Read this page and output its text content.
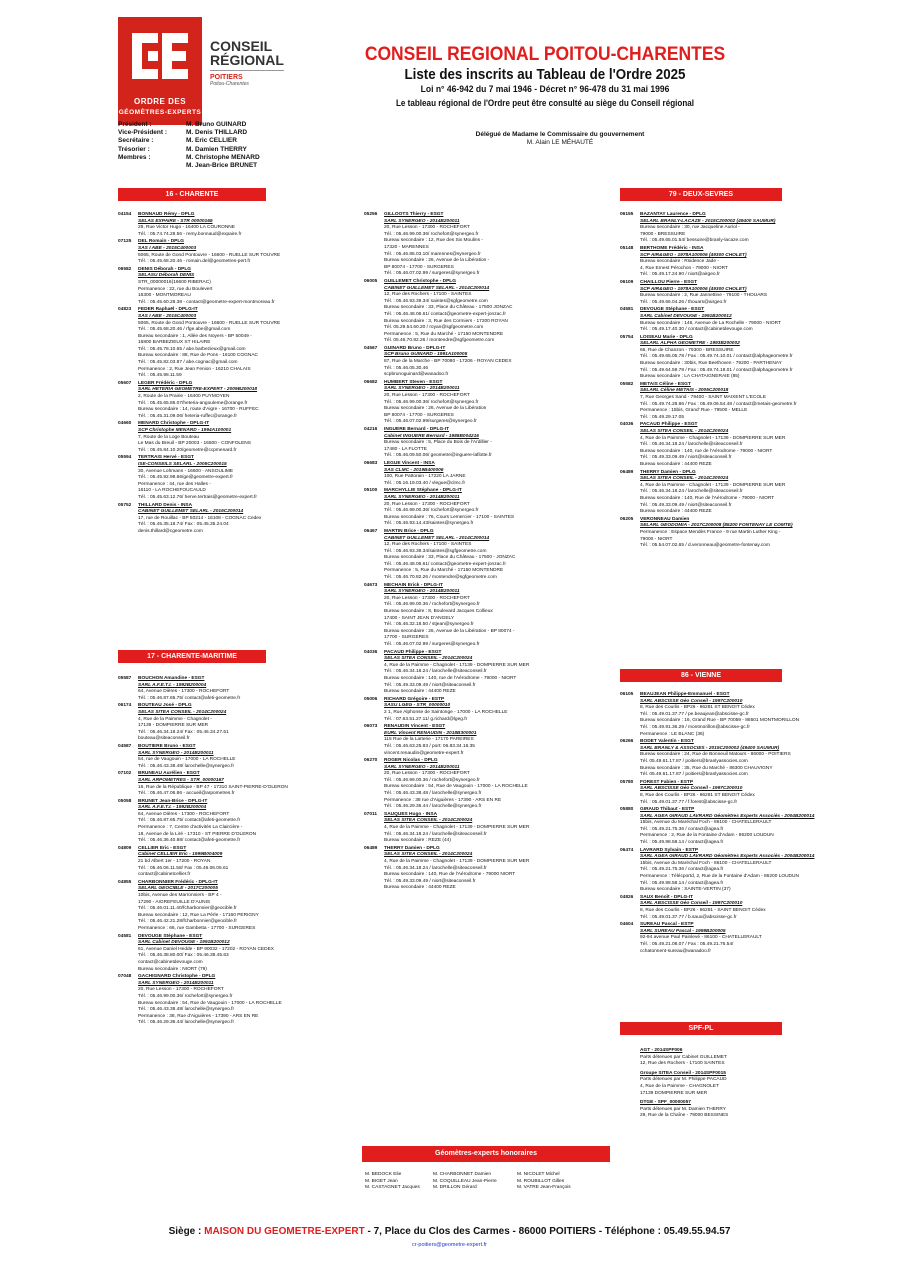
ORDRE DES
GÉOMÈTRES-EXPERTS
CONSEIL
RÉGIONAL
POITIERS
Poitou-Charentes
CONSEIL REGIONAL POITOU-CHARENTES
Liste des inscrits au Tableau de l'Ordre 2025
Loi n° 46-942 du 7 mai 1946 - Décret n° 96-478 du 31 mai 1996
Le tableau régional de l'Ordre peut être consulté au siège du Conseil régional
Président :	M. Bruno GUINARD
Vice-Président :	M. Denis THILLARD
Secrétaire :	M. Eric CELLIER
Trésorier :	M. Damien THERRY
Membres :	M. Christophe MENARD
M. Jean-Brice BRUNET
Délégué de Madame le Commissaire du gouvernement
M. Alain LE MÉHAUTÉ
16 - CHARENTE
04154 BONNAUD Rémy - DPLG
SELAS EXPAIRE - STR 00000165
29, Rue Victor Hugo - 16400 LA COURONNE
Tél. : 05.74.74.28.56 - remy.bonnaud@expaire.fr
07125 DEL Romain - DPLG
SAS I ABE - 2015C400003
5065, Route de Gond Pontouvre - 16600 - RUELLE SUR TOUVRE
Tél. : 05.45.68.20.46 - romain.del@geometres-pert.fr
06582 DENIS Déborah - DPLG
SELASU Déborah DENIS
STR_00000016(16600 RIBERAC)
Permanence : 22, rue du Boulevert
16300 - MONTMOREAU
Tél. : 05.45.60.28.38 - contact@geometre-expert-montmoreau.fr
04823 FEDER Raphaël - DPLG-IT
SAS I ABE - 2015C400003
5065, Route de Gond Pontouvre - 16600 - RUELLE SUR TOUVRE
Tél. : 05.45.68.20.46 / rfge.abe@gmail.com
Bureau secondaire : 1, Allée des Noyers - BP 50049 -
16800 BARBEZIEUX ST HILAIRE
Tél. : 05.45.78.10.65 / abe.barbezieux@gmail.com
Bureau secondaire : 88, Rue de Pons - 16100 COGNAC
Tél. : 05.45.82.03.87 / abe.cognac@gmail.com
Permanence : 2, Rue Jean Fenion - 16210 CHALAIS
Tél. : 05.45.98.11.59
05607 LEGER Frédéric - DPLG
SARL HETERIA GEOMETRE-EXPERT - 2009B200018
2, Route de la Prairie - 16400 PUYMOYEN
Tél. : 05.45.65.85.07/heteria-angouleme@orange.fr
Bureau secondaire : 14, route d'Aigre - 16700 - RUFFEC
Tél. : 05.45.31.09.06/ heteria-ruffec@orange.fr
04660 MENARD Christophe - DPLG-IT
SCP Christophe MENARD - 1994A100001
7, Route de la Loge Bouteau
Le Mas du Breuil - BP 20003 - 16500 - CONFOLENS
Tél. : 05.45.84.10.20/geometre@ccpmenard.fr
05594 TERTRAIS Hervé - ESGT
ISE-CONSEILS SELARL - 2005C200015
30, Avenue Lohmann - 16600 - ANSOULIME
Tél. : 05.45.92.98.66/ge@geometre-expert.fr
Permanence : 44, rue des Halles -
16110 - LA ROCHEFOUCAULD
Tél. : 05.45.63.12.76/ herve.tertrais@geometre-expert.fr
05752 THILLARD Denis - INSA
CABINET GUILLEMET SELARL - 2016C200014
17, rue de Rouillac - BP 50214 - 16108 - COGNAC Cedex
Tél. : 05.45.35.18.74/ Fax : 05.45.35.24.04
denis.thillard@cgeometre.com
17 - CHARENTE-MARITIME
05587 BOUCHON Amandine - ESGT
SARL A.F.E.T.I. - 1992B200004
64, Avenue Dières - 17300 - ROCHEFORT
Tél. : 05.46.87.65.75/ contact@afeti-geometre.fr
06174 BOUTEAU José - DPLG
SELAS SITEA CONSEIL - 2014C200024
4, Rue de la Paimme - Chagnolet -
17139 - DOMPIERRE SUR MER
Tél. : 05.46.34.18.24/ Fax : 05.46.34.27.61
bouteau@siteaconseil.fr
04587 BOUTIERE Bruno - ESGT
SARL SYNERGEO - 2014B200011
54, rue de Vaugouin - 17000 - LA ROCHELLE
Tél. : 05.46.43.38.48/ larochelle@synergeo.fr
07102 BRUNEAU Aurélien - ESGT
SARL ARPOMETRES - STR_00000167
16, Rue de la République - BP 47 - 17310 SAINT-PIERRE-D'OLERON
Tél. : 05.46.47.06.86 - accueil@arpometres.fr
05058 BRUNET Jean-Brice - DPLG-IT
SARL A.F.E.T.I. - 1992B200004
64, Avenue Dières - 17300 - ROCHEFORT
Tél. : 05.46.87.65.75/ contact@afeti-geometre.fr
Permanence : 7, Centre d'activités La Claircière -
18, Avenue de la Liré - 17310 - ST PIERRE D'OLERON
Tél. : 05.46.36.40.88/ contact@afeti-geometre.fr
04809 CELLIER Eric - ESGT
Cabinet CELLIER Eric - 1999B004009
21 bd Albert 1er - 17200 - ROYAN
Tél. : 05.46.06.11.58/ Fax : 05.46.06.05.61
contact@cabinetcellier.fr
04855 CHARBONNIER Frédéric - DPLG-IT
SELARL GEOCIBLE - 2017C200005
10bis, Avenue des Marronniers - BP 4 -
17290 - AIGREFEUILLE D'AUNIS
Tél. : 05.46.01.11.40/fcharbonnier@geocible.fr
Bureau secondaire : 12, Rue La Pérle - 17160 PERIGNY
Tél. : 05.46.42.21.28/fcharbonnier@geocible.fr
Permanence : 66, rue Gambetta - 17700 - SURGERES
04581 DEVOUGE Stéphane - ESGT
SARL Cabinet DEVOUGE - 1991B200012
61, Avenue Daniel Hedde - BP 90032 - 17202 - ROYAN CEDEX
Tél. : 05.46.38.80.00/ Fax : 05.46.38.45.63
contact@cabinetdevouge.com
Bureau secondaire : NIORT (79)
07048 GACHIGNARD Christophe - DPLG
SARL SYNERGEO - 2014B200011
20, Rue Lesson - 17300 - ROCHEFORT
Tél. : 05.46.99.00.36/ rochefort@synergeo.fr
Bureau secondaire : 54, Rue de Vaugouin - 17000 - LA ROCHELLE
Tél. : 05.46.43.38.48/ larochelle@synergeo.fr
Permanence : 38, Rue d'Aiguières - 17390 - ARS EN RE
Tél. : 05.46.29.36.44/ larochelle@synergeo.fr
05256 GILLOOTS Thierry - ESGT
SARL SYNERGEO - 2014B200011
20, Rue Lesson - 17300 - ROCHEFORT
Tél. : 05.46.99.00.36/ rochefort@synergeo.fr
Bureau secondaire : 12, Rue des Six Moulins -
17320 - MARENNES
Tél. : 05.46.85.03.10/ marennes@synergeo.fr
Bureau secondaire : 26, Avenue de la Libération -
BP 80074 - 17700 - SURGERES
Tél. : 05.46.07.02.99 / surgeres@synergeo.fr
06005 GUILLEMET Christophe - DPLG
CABINET GUILLEMET SELARL - 2014C200014
12, Rue des Rochers - 17100 - SAINTES
Tél. : 05.46.93.39.34/ saintes@sgfgeometre.com
Bureau secondaire : 33, Place du Château - 17500 JONZAC
Tél. : 05.46.48.06.61/ contact@geometre-expert-jonzac.fr
Bureau secondaire : 3, Rue des Cormiers - 17200 ROYAN
Tél. 05.29.54.60.20 / royan@sgfgeometre.com
Permanence : 5, Rue du Marché - 17150 MONTENDRE
Tél. 05.46.70.82.26 / montendre@sgfgeometre.com
04567 GUINARD Bruno - DPLG-IT
SCP Bruno GUINARD - 1991A100005
87, Rue de la Marche - BP 70080 - 17206 - ROYAN CEDEX
Tél. : 05.46.05.30.46
scpbrunoguinard@wanadoo.fr
06682 HUMBERT Steven - ESGT
SARL SYNERGEO - 2014B200011
20, Rue Lesson - 17300 - ROCHEFORT
Tél. : 05.46.99.00.36/ rochefort@synergeo.fr
Bureau secondaire : 26, Avenue de la Libération
BP 80074 - 17700 - SURGERES
Tél. : 05.46.07.02.99/surgeres@synergeo.fr
04216 INGUERE Bernard - DPLG-IT
Cabinet INGUERE Bernard - 1988B004216
Bureau secondaire : 5, Place du Bois de l'Ardillier -
17480 - LA FLOTTE
Tél. : 05.46.09.50.06/ geometre@inguere-laflotte.fr
06683 LEGUE Vincent - INSA
SAS CLMC - 2019B400006
100, Rue Pattorain - 17220 LA JARNE
Tél. : 05.16.19.03.40 / vlegue@clmc.fr
05100 MARCHYLLIE Stéphane - DPLG-IT
SARL SYNERGEO - 2014B200011
20, Rue Lesson - 17300 - ROCHEFORT
Tél. : 05.46.99.00.36/ rochefort@synergeo.fr
Bureau secondaire : 76, Cours Lemercier - 17100 - SAINTES
Tél. : 05.46.93.14.43/saintes@synergeo.fr
06467 MARTIN Brice - DPLG
CABINET GUILLEMET SELARL - 2014C200014
12, Rue des Rochers - 17100 - SAINTES
Tél. : 05.46.93.39.34/saintes@sgfgeometre.com
Bureau secondaire : 33, Place du Château - 17500 - JONZAC
Tél. : 05.46.48.06.61/ contact@geometre-expert-jonzac.fr
Permanence : 5, Rue du Marché - 17150 MONTENDRE
Tél. : 05.46.70.82.26 / montendre@sgfgeometre.com
04673 MECHAIN Erick - DPLG-IT
SARL SYNERGEO - 2014B200011
20, Rue Lesson - 17300 - ROCHEFORT
Tél. : 05.46.99.00.36 / rochefort@synergeo.fr
Bureau secondaire : 8, Boulevard Jacques Collieux
17400 - SAINT JEAN D'ANGELY
Tél. : 05.46.32.18.50 / stjean@synergeo.fr
Bureau secondaire : 26, Avenue de la Libération - BP 80074 -
17700 - SURGERES
Tél. : 05.46.07.02.99 / surgeres@synergeo.fr
04036 PACAUD Philippe - ESGT
SELAS SITEA CONSEIL - 2014C200024
4, Rue de la Paimme - Chagnolet - 17139 - DOMPIERRE SUR MER
Tél. : 05.46.34.18.24 / larochelle@siteaconseil.fr
Bureau secondaire : 140, rue de l'Aérodrome - 79000 - NIORT
Tél. : 05.49.33.09.49 / niort@siteaconseil.fr
Bureau secondaire : 44400 REZE
05006 RICHARD Grégoire - ESTP
SASU LGEG - STR_00000010
2 1, Rue Alphonse de Saintonge - 17000 - LA ROCHELLE
Tél. : 07.63.51.27.11/ g.richard@lgeg.fr
06073 RENAUDIN Vincent - ESGT
EURL Vincent RENAUDIN - 2018B300001
115 Rue de la Laïterie - 17170 PAREIRES
Tél. : 05.46.63.25.83 / port: 06.83.34.16.35
vincent.renaudin@geometre-expert.fr
06270 ROGER Nicolas - DPLG
SARL SYNERGEO - 2014B200011
20, Rue Lesson - 17300 - ROCHEFORT
Tél. : 05.46.99.00.36 / rochefort@synergeo.fr
Bureau secondaire : 54, Rue de Vaugouin - 17000 - LA ROCHELLE
Tél. : 05.46.43.38.48 / larochelle@synergeo.fr
Permanence : 38 rue d'Aiguières - 17390 - ARS EN RE
Tél. : 05.46.29.36.44 / larochelle@synergeo.fr
07011 SAUQUES Hugo - INSA
SELAS SITEA CONSEIL - 2014C200024
4, Rue de la Paimme - Chagnolet - 17139 - DOMPIERRE SUR MER
Tél. : 05.46.34.18.24 / larochelle@siteaconseil.fr
Bureau secondaire : REZE (44)
06489 THERRY Damien - DPLG
SELAS SITEA CONSEIL - 2014C200024
4, Rue de la Paimme - Chagnolet - 17139 - DOMPIERRE SUR MER
Tél. : 05.46.34.18.24 / larochelle@siteaconseil.fr
Bureau secondaire : 140, Rue de l'Aérodrome - 79000 NIORT
Tél. : 05.49.33.09.49 / niort@siteaconseil.fr
Bureau secondaire : 44400 REZE
79 - DEUX-SEVRES
06155 BAZANTAY Laurence - DPLG
SELARL BRANLY-LACAZE - 2015C200002 (49400 SAUMUR)
Bureau secondaire : 30, rue Jacqueline Auriol -
79000 - BRESSUIRE
Tél. : 05.49.65.01.54/ bessuire@branly-lacaze.com
05148 BERTHOME Frédéric - INSA
SCP AIR&GEO - 1978A100006 (49300 CHOLET)
Bureau secondaire : Rsidence Jade -
4, Rue Ernest Pérochon - 79000 - NIORT
Tél. : 05.49.17.24.90 / niort@airgeo.fr
06109 CHAILLOU Pierre - ESGT
SCP AIR&GEO - 1978A100006 (49300 CHOLET)
Bureau secondaire : 2, Rue Jannettine - 79100 - THOUARS
Tél. : 05.49.66.04.26 / thouars@airgeo.fr
04581 DEVOUGE Stéphane - ESGT
SARL Cabinet DEVOUGE - 1991B200012
Bureau secondaire : 146, Avenue de La Rochelle - 79000 - NIORT
Tél. : 05.49.17.40.30 / contact@cabinetdevouge.com
05754 LOISEAU Marie - DPLG
SELARL ALPHA GEOMETRE - 1993B200002
66, Rue de Chanzon - 79300 - BRESSUIRE
Tél. : 05.49.65.05.78 / Fax : 05.49.74.10.01 / contact@alphageometre.fr
Bureau secondaire : 30bis, Rue Beethoven - 79200 - PARTHENAY
Tél. : 05.49.64.59.78 / Fax : 05.49.74.18.01 / contact@alphageometre.fr
Bureau secondaire : LA CHATAIGNERAIE (85)
05582 METAIS Céline - ESGT
SELARL Céline METAIS - 2005C200018
7, Rue Georges Sand - 79400 - SAINT MAIXENT L'ECOLE
Tél. : 05.49.74.28.86 / Fax : 05.49.06.54.48 / contact@metais-geometre.fr
Permanence : 15bis, Grand' Rue - 79500 - MELLE
Tél. : 05.49.29.17.05
04036 PACAUD Philippe - ESGT
SELAS SITEA CONSEIL - 2014C200024
4, Rue de la Paimme - Chagnolet - 17139 - DOMPIERRE SUR MER
Tél. : 05.46.34.18.24 / larochelle@siteaconseil.fr
Bureau secondaire : 140, rue de l'Aérodrome - 79000 - NIORT
Tél. : 05.49.33.09.49 / niort@siteaconseil.fr
Bureau secondaire : 44400 REZE
06489 THERRY Damien - DPLG
SELAS SITEA CONSEIL - 2014C200024
4, Rue de la Paimme - Chagnolet - 17139 - DOMPIERRE SUR MER
Tél. : 05.46.34.18.24 / larochelle@siteaconseil.fr
Bureau secondaire : 140, Rue de l'Aérodrome - 79000 - NIORT
Tél. : 05.49.33.09.49 / niort@siteaconseil.fr
Bureau secondaire : 44400 REZE
06205 VERONNEAU Damien
SELARL GEODOMIA - 2017C200008 (85200 FONTENAY LE COMTE)
Permanence : Espace Mendès France - 9 rue Martin Luther King -
79000 - NIORT
Tél. : 05.54.07.02.65 / d.veronneau@geometre-fontenay.com
86 - VIENNE
06105 BEAUJEAN Philippe-Emmanuel - ESGT
SARL ABSCISSE Géo Conseil - 1997C200010
8, Rue des Courlis - BP26 - 86281 ST BENOIT Cédex
Tél. : 05.49.01.37.77 / pe.beaujean@abscisse-gc.fr
Bureau secondaire : 16, Grand Rue - BP 70059 - 86501 MONTMORILLON
Tél. : 05.49.91.36.29 / montmorillon@abscisse-gc.fr
Permanence : LE BLANC (36)
06266 BODET Valentin - ESGT
SARL BRANLY & ASSOCIES - 2015C200002 (49400 SAUMUR)
Bureau secondaire : 24, Rue de Bonneuil Matours - 86000 - POITIERS
Tél. 05.49.61.17.87 / poitiers@branlyassocies.com
Bureau secondaire : 35, Rue du Marché - 86300 CHAUVIGNY
Tél. 05.49.61.17.87 / poitiers@branlyassocies.com
05780 FOREST Fabien - ESTP
SARL ABSCISSE Géo Conseil - 1997C200010
8, Rue des Courlis - BP26 - 86281 ST BENOIT Cédex
Tél. : 05.49.01.37.77 / f.forest@abscisse-gc.fr
05880 GIRAUD Thibaut - ESTP
SARL AGEA GIRAUD LAVRARD Géomètres Experts Associés - 2004B200014
15bis, Avenue du Maréchal Foch - 86100 - CHATELLERAULT
Tél. : 05.49.21.75.36 / contact@agea.fr
Permanence : 2, Rue de la Fontaine d'Adam - 86200 LOUDUN
Tél. : 05.49.98.58.14 / contact@agea.fr
06474 LAVRARD Sylvain - ESTP
SARL AGEA GIRAUD LAVRARD Géomètres Experts Associés - 2004B200014
15bis, Avenue du Maréchal Foch - 86100 - CHATELLERAULT
Tél. : 05.49.21.75.36 / contact@agea.fr
Permanence : Télécportd, 2, Rue de la Fontaine d'Adam - 86200 LOUDUN
Tél. : 05.49.98.58.14 / contact@agea.fr
Bureau secondaire : SAINTE-VERTIN (37)
04826 SAUX Benoît - DPLG-IT
SARL ABSCISSE Géo Conseil - 1997C200010
8, Rue des Courlis - BP26 - 86281 - SAINT BENOIT Cédex
Tél. : 05.49.01.37.77 / b.saux@abscisse-gc.fr
04604 SUREAU Pascal - ESTP
SARL SUREAU Pascal - 1999B200005
92-94 avenue Paul Painlevé - 86100 - CHATELLERAULT
Tél. : 05.49.21.08.07 / Fax : 05.49.21.76.54/
cchatonnent-sureau@wanadoo.fr
SPF-PL
AGT - 2014SPF006
Parts détenues par Cabinet GUILLEMET
12, Rue des Rochers - 17100 SAINTES
Groupe SITEA Conseil - 2014SPF0015
Parts détenues par M. Philippe PACAUD
4, Rue de la Paimme - CHAGNOLET
17139 DOMPIERRE SUR MER
DTGE - SPF_00000057
Parts détenues par M. Damien THERRY
29, Rue de la Chaîne - 79000 BESSINES
Géomètres-experts honoraires
M. BEDOCK Elie	M. CHARBONNET Damien	M. NICOLET Michel
M. BIGET Jean	M. COQUILLEAU Jean-Pierre	M. ROUBILLOT Gilles
M. CASTAGNET Jacques	M. DRILLON Gérard	M. VATRE Jean-François
Siège : MAISON DU GEOMETRE-EXPERT - 7, Place du Clos des Carmes - 86000 POITIERS - Téléphone : 05.49.55.94.57
cr-poitiers@geometre-expert.fr
